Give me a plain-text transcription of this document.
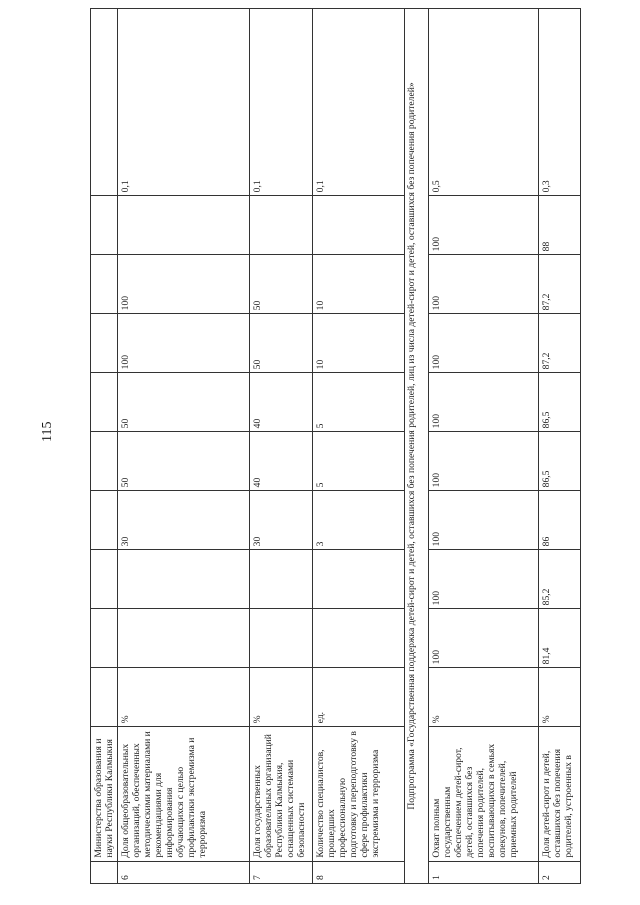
115
	Министерства образования и науки Республики Калмыкия										
6	Доля общеобразовательных организаций, обеспеченных методическими материалами и рекомендациями для информирования обучающихся с целью профилактики экстремизма и терроризма	%			30	50	50	100	100		0,1
7	Доля государственных образовательных организаций Республики Калмыкия, оснащенных системами безопасности	%			30	40	40	50	50		0,1
8	Количество специалистов, прошедших профессиональную подготовку и переподготовку в сфере профилактики экстремизма и терроризма	ед.			3	5	5	10	10		0,1
Подпрограмма «Государственная поддержка детей-сирот и детей, оставшихся без попечения родителей, лиц из числа детей-сирот и детей, оставшихся без попечения родителей»											
1	Охват полным государственным обеспечением детей-сирот, детей, оставшихся без попечения родителей, воспитывающихся в семьях опекунов, попечителей, приемных родителей	%	100	100	100	100	100	100	100	100	0,5
2	Доля детей-сирот и детей, оставшихся без попечения родителей, устроенных в	%	81,4	85,2	86	86,5	86,5	87,2	87,2	88	0,3
